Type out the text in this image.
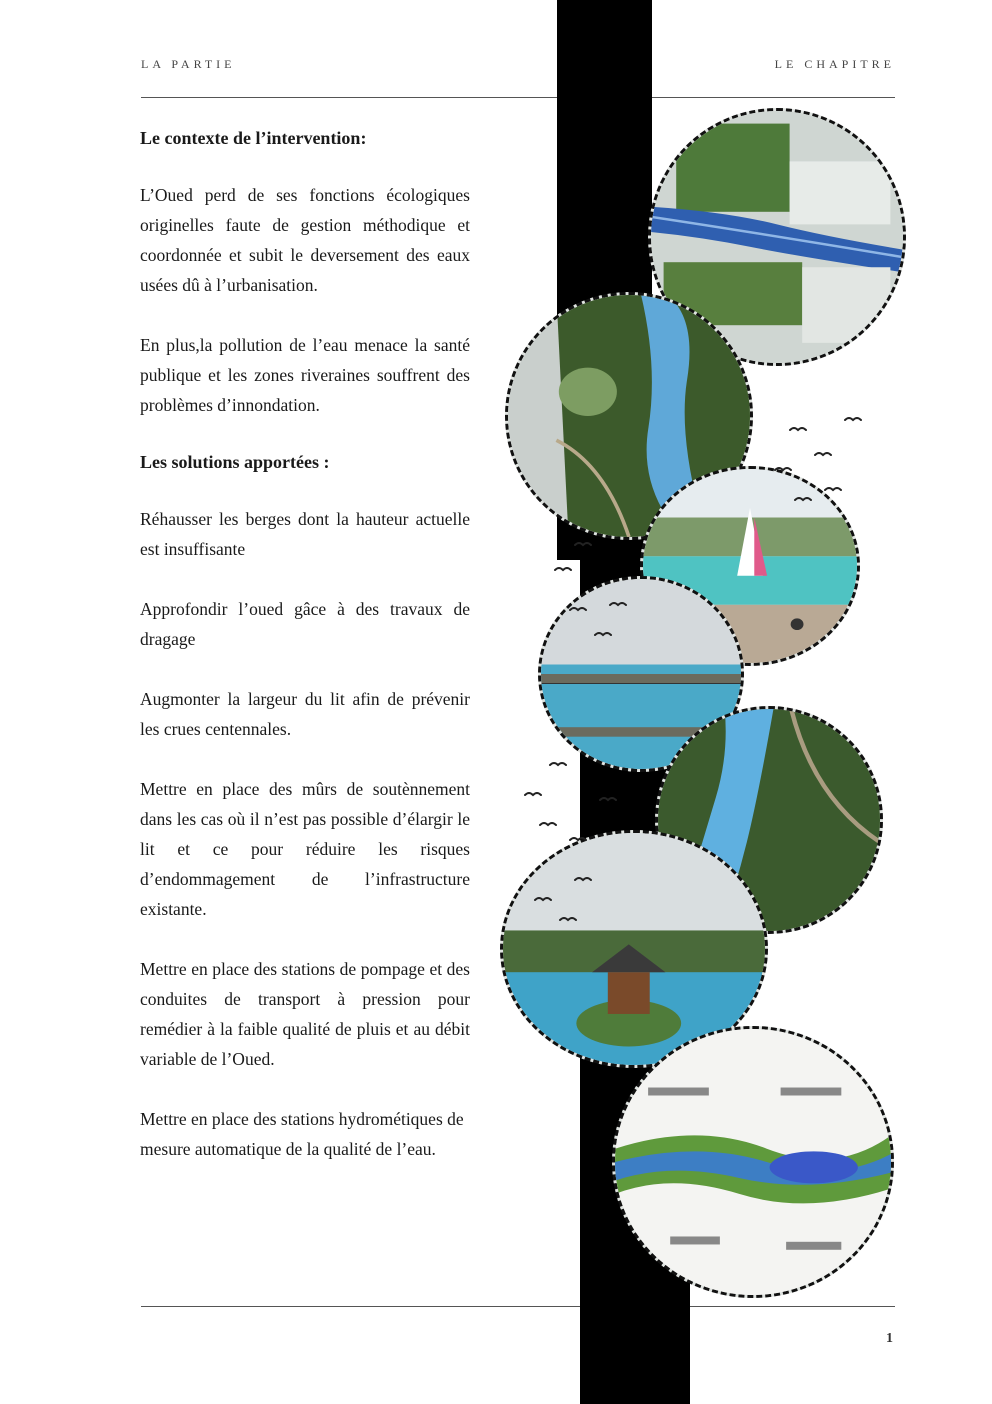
LA PARTIE	LE CHAPITRE
Le contexte de l’intervention:

L’Oued perd de ses fonctions écologiques originelles faute de gestion méthodique et coordonnée et subit le deversement des eaux usées dû à l’urbanisation.

En plus,la pollution de l’eau menace la santé publique et les zones riveraines souffrent des problèmes d’innondation.

Les solutions apportées :

Réhausser les berges dont la hauteur actuelle est insuffisante

Approfondir l’oued gâce à des travaux de dragage

Augmonter la largeur du lit afin de prévenir les crues centennales.

Mettre en place des mûrs de soutènnement dans les cas où il n’est pas possible d’élargir le lit et ce pour réduire les risques d’endommagement de l’infrastructure existante.

Mettre en place des stations de pompage et des conduites de transport à pression pour remédier à la faible qualité de pluis et au débit variable de l’Oued.

Mettre en place des stations hydrométiques de mesure automatique de la qualité de l’eau.

1
